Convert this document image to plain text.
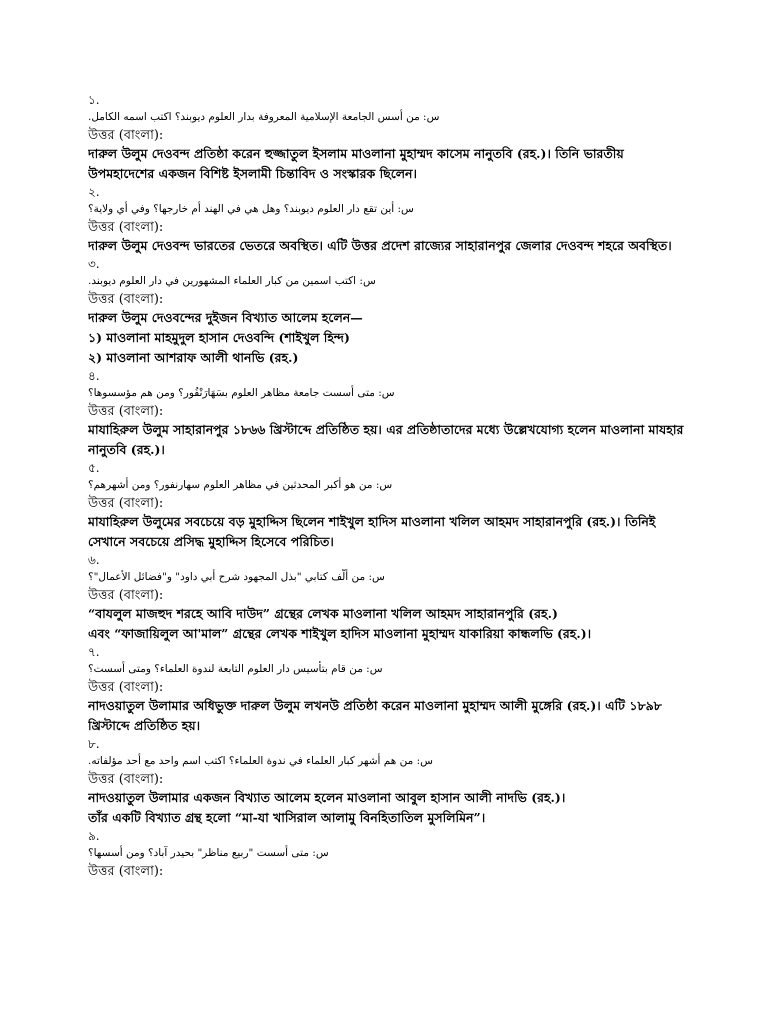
১.
س: من أسس الجامعة الإسلامية المعروفة بدار العلوم ديوبند؟ اكتب اسمه الكامل.
উত্তর (বাংলা):

দারুল উলুম দেওবন্দ প্রতিষ্ঠা করেন হুজ্জাতুল ইসলাম মাওলানা মুহাম্মদ কাসেম নানুতবি (রহ.)। তিনি ভারতীয় উপমহাদেশের একজন বিশিষ্ট ইসলামী চিন্তাবিদ ও সংস্কারক ছিলেন।

২.
س: أين تقع دار العلوم ديوبند؟ وهل هي في الهند أم خارجها؟ وفي أي ولاية؟
উত্তর (বাংলা):

দারুল উলুম দেওবন্দ ভারতের ভেতরে অবস্থিত। এটি উত্তর প্রদেশ রাজ্যের সাহারানপুর জেলার দেওবন্দ শহরে অবস্থিত।

৩.
س: اكتب اسمين من كبار العلماء المشهورين في دار العلوم ديوبند.
উত্তর (বাংলা):

দারুল উলুম দেওবন্দের দুইজন বিখ্যাত আলেম হলেন—

১) মাওলানা মাহমুদুল হাসান দেওবন্দি (শাইখুল হিন্দ)

২) মাওলানা আশরাফ আলী থানভি (রহ.)

৪.
س: متى أُسست جامعة مظاهر العلوم بسَهَارَنْفُور؟ ومن هم مؤسسوها؟
উত্তর (বাংলা):

মাযাহিরুল উলুম সাহারানপুর ১৮৬৬ খ্রিস্টাব্দে প্রতিষ্ঠিত হয়। এর প্রতিষ্ঠাতাদের মধ্যে উল্লেখযোগ্য হলেন মাওলানা মাযহার নানুতবি (রহ.)।

৫.
س: من هو أكبر المحدثين في مظاهر العلوم سهارنفور؟ ومن أشهرهم؟
উত্তর (বাংলা):

মাযাহিরুল উলুমের সবচেয়ে বড় মুহাদ্দিস ছিলেন শাইখুল হাদিস মাওলানা খলিল আহমদ সাহারানপুরি (রহ.)। তিনিই সেখানে সবচেয়ে প্রসিদ্ধ মুহাদ্দিস হিসেবে পরিচিত।

৬.
س: من ألَّف كتابي "بذل المجهود شرح أبي داود" و"فضائل الأعمال"؟
উত্তর (বাংলা):

“বাযলুল মাজহুদ শরহে আবি দাউদ” গ্রন্থের লেখক মাওলানা খলিল আহমদ সাহারানপুরি (রহ.)

এবং “ফাজায়িলুল আ'মাল” গ্রন্থের লেখক শাইখুল হাদিস মাওলানা মুহাম্মদ যাকারিয়া কান্ধলভি (রহ.)।

৭.
س: من قام بتأسيس دار العلوم التابعة لندوة العلماء؟ ومتى أُسست؟
উত্তর (বাংলা):

নাদওয়াতুল উলামার অধিভুক্ত দারুল উলুম লখনউ প্রতিষ্ঠা করেন মাওলানা মুহাম্মদ আলী মুঙ্গেরি (রহ.)। এটি ১৮৯৮ খ্রিস্টাব্দে প্রতিষ্ঠিত হয়।

৮.
س: من هم أشهر كبار العلماء في ندوة العلماء؟ اكتب اسم واحد مع أحد مؤلفاته.
উত্তর (বাংলা):

নাদওয়াতুল উলামার একজন বিখ্যাত আলেম হলেন মাওলানা আবুল হাসান আলী নাদভি (রহ.)।

তাঁর একটি বিখ্যাত গ্রন্থ হলো “মা-যা খাসিরাল আলামু বিনহিতাতিল মুসলিমিন”।

৯.
س: متى أُسست "ربيع مناظر" بحيدر آباد؟ ومن أسسها؟
উত্তর (বাংলা):
